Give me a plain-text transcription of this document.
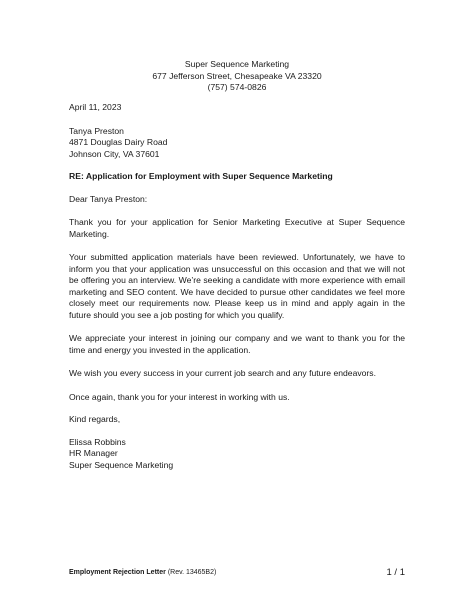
Super Sequence Marketing
677 Jefferson Street, Chesapeake VA 23320
(757) 574-0826
April 11, 2023
Tanya Preston
4871 Douglas Dairy Road
Johnson City, VA 37601
RE: Application for Employment with Super Sequence Marketing
Dear Tanya Preston:

Thank you for your application for Senior Marketing Executive at Super Sequence Marketing.

Your submitted application materials have been reviewed. Unfortunately, we have to inform you that your application was unsuccessful on this occasion and that we will not be offering you an interview. We’re seeking a candidate with more experience with email marketing and SEO content. We have decided to pursue other candidates we feel more closely meet our requirements now. Please keep us in mind and apply again in the future should you see a job posting for which you qualify.

We appreciate your interest in joining our company and we want to thank you for the time and energy you invested in the application.

We wish you every success in your current job search and any future endeavors.

Once again, thank you for your interest in working with us.

Kind regards,
Elissa Robbins
HR Manager
Super Sequence Marketing
Employment Rejection Letter (Rev. 13465B2)	1 / 1
